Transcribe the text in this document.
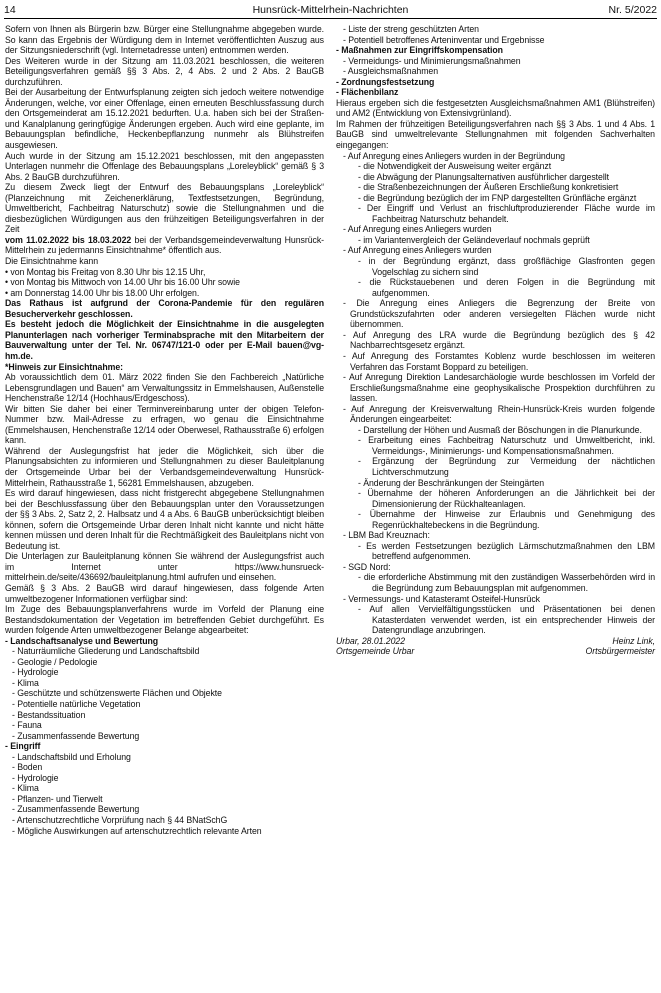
14	Hunsrück-Mittelrhein-Nachrichten	Nr. 5/2022

Sofern von Ihnen als Bürgerin bzw. Bürger eine Stellungnahme abgegeben wurde. So kann das Ergebnis der Würdigung dem in Internet veröffentlichten Auszug aus der Sitzungsniederschrift (vgl. Internetadresse unten) entnommen werden.

Des Weiteren wurde in der Sitzung am 11.03.2021 beschlossen, die weiteren Beteiligungsverfahren gemäß §§ 3 Abs. 2, 4 Abs. 2 und 2 Abs. 2 BauGB durchzuführen.

Bei der Ausarbeitung der Entwurfsplanung zeigten sich jedoch weitere notwendige Änderungen, welche, vor einer Offenlage, einen erneuten Beschlussfassung durch den Ortsgemeinderat am 15.12.2021 bedurften. U.a. haben sich bei der Straßen- und Kanalplanung geringfügige Änderungen ergeben. Auch wird eine geplante, im Bebauungsplan befindliche, Heckenbepflanzung nunmehr als Blühstreifen ausgewiesen.

Auch wurde in der Sitzung am 15.12.2021 beschlossen, mit den angepassten Unterlagen nunmehr die Offenlage des Bebauungsplans „Loreleyblick“ gemäß § 3 Abs. 2 BauGB durchzuführen.

Zu diesem Zweck liegt der Entwurf des Bebauungsplans „Loreleyblick“ (Planzeichnung mit Zeichenerklärung, Textfestsetzungen, Begründung, Umweltbericht, Fachbeitrag Naturschutz) sowie die Stellungnahmen und die diesbezüglichen Würdigungen aus den frühzeitigen Beteiligungsverfahren in der Zeit

vom 11.02.2022 bis 18.03.2022 bei der Verbandsgemeindeverwaltung Hunsrück-Mittelrhein zu jedermanns Einsichtnahme* öffentlich aus.

Die Einsichtnahme kann

• von Montag bis Freitag von 8.30 Uhr bis 12.15 Uhr,

• von Montag bis Mittwoch von 14.00 Uhr bis 16.00 Uhr sowie

• am Donnerstag 14.00 Uhr bis 18.00 Uhr erfolgen.

Das Rathaus ist aufgrund der Corona-Pandemie für den regulären Besucherverkehr geschlossen.

Es besteht jedoch die Möglichkeit der Einsichtnahme in die ausgelegten Planunterlagen nach vorheriger Terminabsprache mit den Mitarbeitern der Bauverwaltung unter der Tel. Nr. 06747/121-0 oder per E-Mail bauen@vg-hm.de.

*Hinweis zur Einsichtnahme:

Ab voraussichtlich dem 01. März 2022 finden Sie den Fachbereich „Natürliche Lebensgrundlagen und Bauen“ am Verwaltungssitz in Emmelshausen, Außenstelle Henchenstraße 12/14 (Hochhaus/Erdgeschoss).

Wir bitten Sie daher bei einer Terminvereinbarung unter der obigen Telefon-Nummer bzw. Mail-Adresse zu erfragen, wo genau die Einsichtnahme (Emmelshausen, Henchenstraße 12/14 oder Oberwesel, Rathausstraße 6) erfolgen kann.

Während der Auslegungsfrist hat jeder die Möglichkeit, sich über die Planungsabsichten zu informieren und Stellungnahmen zu dieser Bauleitplanung der Ortsgemeinde Urbar bei der Verbandsgemeindeverwaltung Hunsrück-Mittelrhein, Rathausstraße 1, 56281 Emmelshausen, abzugeben.

Es wird darauf hingewiesen, dass nicht fristgerecht abgegebene Stellungnahmen bei der Beschlussfassung über den Bebauungsplan unter den Voraussetzungen der §§ 3 Abs. 2, Satz 2, 2. Halbsatz und 4 a Abs. 6 BauGB unberücksichtigt bleiben können, sofern die Ortsgemeinde Urbar deren Inhalt nicht kannte und nicht hätte kennen müssen und deren Inhalt für die Rechtmäßigkeit des Bauleitplans nicht von Bedeutung ist.

Die Unterlagen zur Bauleitplanung können Sie während der Auslegungsfrist auch im Internet unter https://www.hunsrueck-mittelrhein.de/seite/436692/bauleitplanung.html aufrufen und einsehen.

Gemäß § 3 Abs. 2 BauGB wird darauf hingewiesen, dass folgende Arten umweltbezogener Informationen verfügbar sind:

Im Zuge des Bebauungsplanverfahrens wurde im Vorfeld der Planung eine Bestandsdokumentation der Vegetation im betreffenden Gebiet durchgeführt. Es wurden folgende Arten umweltbezogener Belange abgearbeitet:

- Landschaftsanalyse und Bewertung

- Naturräumliche Gliederung und Landschaftsbild

- Geologie / Pedologie

- Hydrologie

- Klima

- Geschützte und schützenswerte Flächen und Objekte

- Potentielle natürliche Vegetation

- Bestandssituation

- Fauna

- Zusammenfassende Bewertung

- Eingriff

- Landschaftsbild und Erholung

- Boden

- Hydrologie

- Klima

- Pflanzen- und Tierwelt

- Zusammenfassende Bewertung

- Artenschutzrechtliche Vorprüfung nach § 44 BNatSchG

- Mögliche Auswirkungen auf artenschutzrechtlich relevante Arten

- Liste der streng geschützten Arten

- Potentiell betroffenes Arteninventar und Ergebnisse

- Maßnahmen zur Eingriffskompensation

- Vermeidungs- und Minimierungsmaßnahmen

- Ausgleichsmaßnahmen

- Zordnungsfestsetzung

- Flächenbilanz

Hieraus ergeben sich die festgesetzten Ausgleichsmaßnahmen AM1 (Blühstreifen) und AM2 (Entwicklung von Extensivgrünland).

Im Rahmen der frühzeitigen Beteiligungsverfahren nach §§ 3 Abs. 1 und 4 Abs. 1 BauGB sind umweltrelevante Stellungnahmen mit folgenden Sachverhalten eingegangen:

- Auf Anregung eines Anliegers wurden in der Begründung

- die Notwendigkeit der Ausweisung weiter ergänzt

- die Abwägung der Planungsalternativen ausführlicher dargestellt

- die Straßenbezeichnungen der Äußeren Erschließung konkretisiert

- die Begründung bezüglich der im FNP dargestellten Grünfläche ergänzt

- Der Eingriff und Verlust an frischluftproduzierender Fläche wurde im Fachbeitrag Naturschutz behandelt.

- Auf Anregung eines Anliegers wurden

- im Variantenvergleich der Geländeverlauf nochmals geprüft

- Auf Anregung eines Anliegers wurden

- in der Begründung ergänzt, dass großflächige Glasfronten gegen Vogelschlag zu sichern sind

- die Rückstauebenen und deren Folgen in die Begründung mit aufgenommen.

- Die Anregung eines Anliegers die Begrenzung der Breite von Grundstückszufahrten oder anderen versiegelten Flächen wurde nicht übernommen.

- Auf Anregung des LRA wurde die Begründung bezüglich des § 42 Nachbarrechtsgesetz ergänzt.

- Auf Anregung des Forstamtes Koblenz wurde beschlossen im weiteren Verfahren das Forstamt Boppard zu beteiligen.

- Auf Anregung Direktion Landesarchäologie wurde beschlossen im Vorfeld der Erschließungsmaßnahme eine geophysikalische Prospektion durchführen zu lassen.

- Auf Anregung der Kreisverwaltung Rhein-Hunsrück-Kreis wurden folgende Änderungen eingearbeitet:

- Darstellung der Höhen und Ausmaß der Böschungen in die Planurkunde.

- Erarbeitung eines Fachbeitrag Naturschutz und Umweltbericht, inkl. Vermeidungs-, Minimierungs- und Kompensationsmaßnahmen.

- Ergänzung der Begründung zur Vermeidung der nächtlichen Lichtverschmutzung

- Änderung der Beschränkungen der Steingärten

- Übernahme der höheren Anforderungen an die Jährlichkeit bei der Dimensionierung der Rückhalteanlagen.

- Übernahme der Hinweise zur Erlaubnis und Genehmigung des Regenrückhaltebeckens in die Begründung.

- LBM Bad Kreuznach:

- Es werden Festsetzungen bezüglich Lärmschutzmaßnahmen den LBM betreffend aufgenommen.

- SGD Nord:

- die erforderliche Abstimmung mit den zuständigen Wasserbehörden wird in die Begründung zum Bebauungsplan mit aufgenommen.

- Vermessungs- und Katasteramt Osteifel-Hunsrück

- Auf allen Vervielfältigungsstücken und Präsentationen bei denen Katasterdaten verwendet werden, ist ein entsprechender Hinweis der Datengrundlage anzubringen.

Urbar, 28.01.2022	Heinz Link,
Ortsgemeinde Urbar	Ortsbürgermeister
